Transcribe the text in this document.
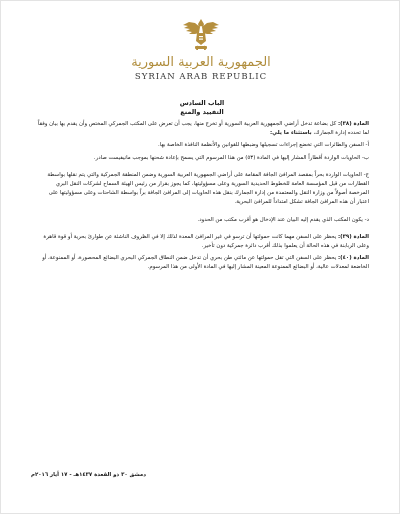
الجمهورية العربية السورية
SYRIAN ARAB REPUBLIC
الباب السادس
التفييد والمنع

المادة (٣٨): كل بضاعة تدخل أراضي الجمهورية العربية السورية أو تخرج منها، يجب أن تعرض على المكتب الجمركي المختص وأن يقدم بها بيان وفقاً لما تحدده إدارة الجمارك، باستثناء ما يلي:

أ- السفن والطائرات التي تخضع إجراءات تسجيلها وضبطها للقوانين والأنظمة النافذة الخاصة بها.

ب- الحاويات الواردة أقطاراً المشار إليها في المادة (٥٣) من هذا المرسوم التي يسمح بإعادة شحنها بموجب مانيفيست صادر.

ج- الحاويات الواردة بحراً بمقصد المرافئ الجافة المقامة على أراضي الجمهورية العربية السورية وضمن المنطقة الجمركية والتي يتم نقلها بواسطة القطارات من قبل المؤسسة العامة للخطوط الحديدية السورية وعلى مسؤوليتها، كما يجوز بقرار من رئيس الهيئة السماح لشركات النقل البري المرخصة أصولاً من وزارة النقل والمعتمدة من إدارة الجمارك بنقل هذه الحاويات إلى المرافئ الجافة براً بواسطة الشاحنات وعلى مسؤوليتها على اعتبار أن هذه المرافئ الجافة تشكل امتداداً للمرافئ البحرية.

د- يكون المكتب الذي يقدم إليه البيان عند الإدخال هو أقرب مكتب من الحدود.

المادة (٣٩): يحظر على السفن مهما كانت حمولتها أن ترسو في غير المرافئ المعدة لذلك إلا في الظروف الناشئة عن طوارئ بحرية أو قوة قاهرة وعلى الربابنة في هذه الحالة أن يعلموا بذلك أقرب دائرة جمركية دون تأخير.

المادة (٤٠): يحظر على السفن التي تقل حمولتها عن مائتي طن بحري أن تدخل ضمن النطاق الجمركي البحري البضائع المحصورة، أو الممنوعة، أو الخاضعة لمعدلات عالية، أو البضائع الممنوعة المعينة المشار إليها في المادة الأولى من هذا المرسوم.

دمشق ٣٠ ذو القعدة ١٤٣٧هـ - ١٧ أيار ٢٠١٦م
